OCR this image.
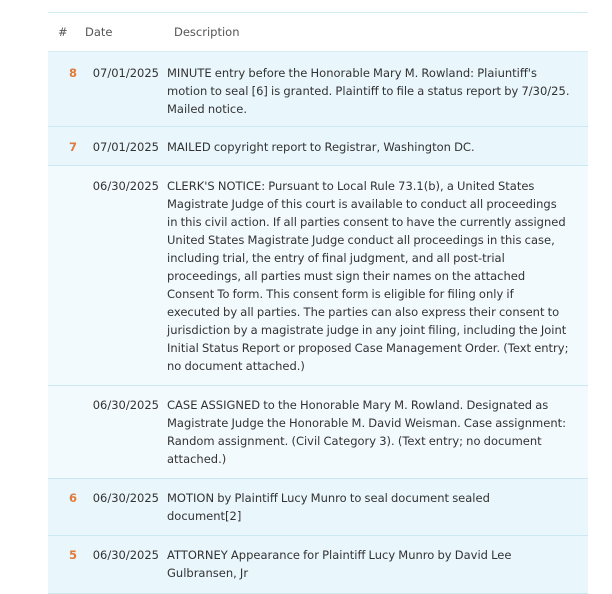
#	Date	Description
8	07/01/2025 MINUTE entry before the Honorable Mary M. Rowland: Plaiuntiff's
motion to seal [6] is granted. Plaintiff to file a status report by 7/30/25.
Mailed notice.
7	07/01/2025 MAILED copyright report to Registrar, Washington DC.
06/30/2025 CLERK'S NOTICE: Pursuant to Local Rule 73.1(b), a United States
Magistrate Judge of this court is available to conduct all proceedings
in this civil action. If all parties consent to have the currently assigned
United States Magistrate Judge conduct all proceedings in this case,
including trial, the entry of final judgment, and all post-trial
proceedings, all parties must sign their names on the attached
Consent To form. This consent form is eligible for filing only if
executed by all parties. The parties can also express their consent to
jurisdiction by a magistrate judge in any joint filing, including the Joint
Initial Status Report or proposed Case Management Order. (Text entry;
no document attached.)
06/30/2025 CASE ASSIGNED to the Honorable Mary M. Rowland. Designated as
Magistrate Judge the Honorable M. David Weisman. Case assignment:
Random assignment. (Civil Category 3). (Text entry; no document
attached.)
6	06/30/2025 MOTION by Plaintiff Lucy Munro to seal document sealed
document[2]
5	06/30/2025 ATTORNEY Appearance for Plaintiff Lucy Munro by David Lee
Gulbransen, Jr
